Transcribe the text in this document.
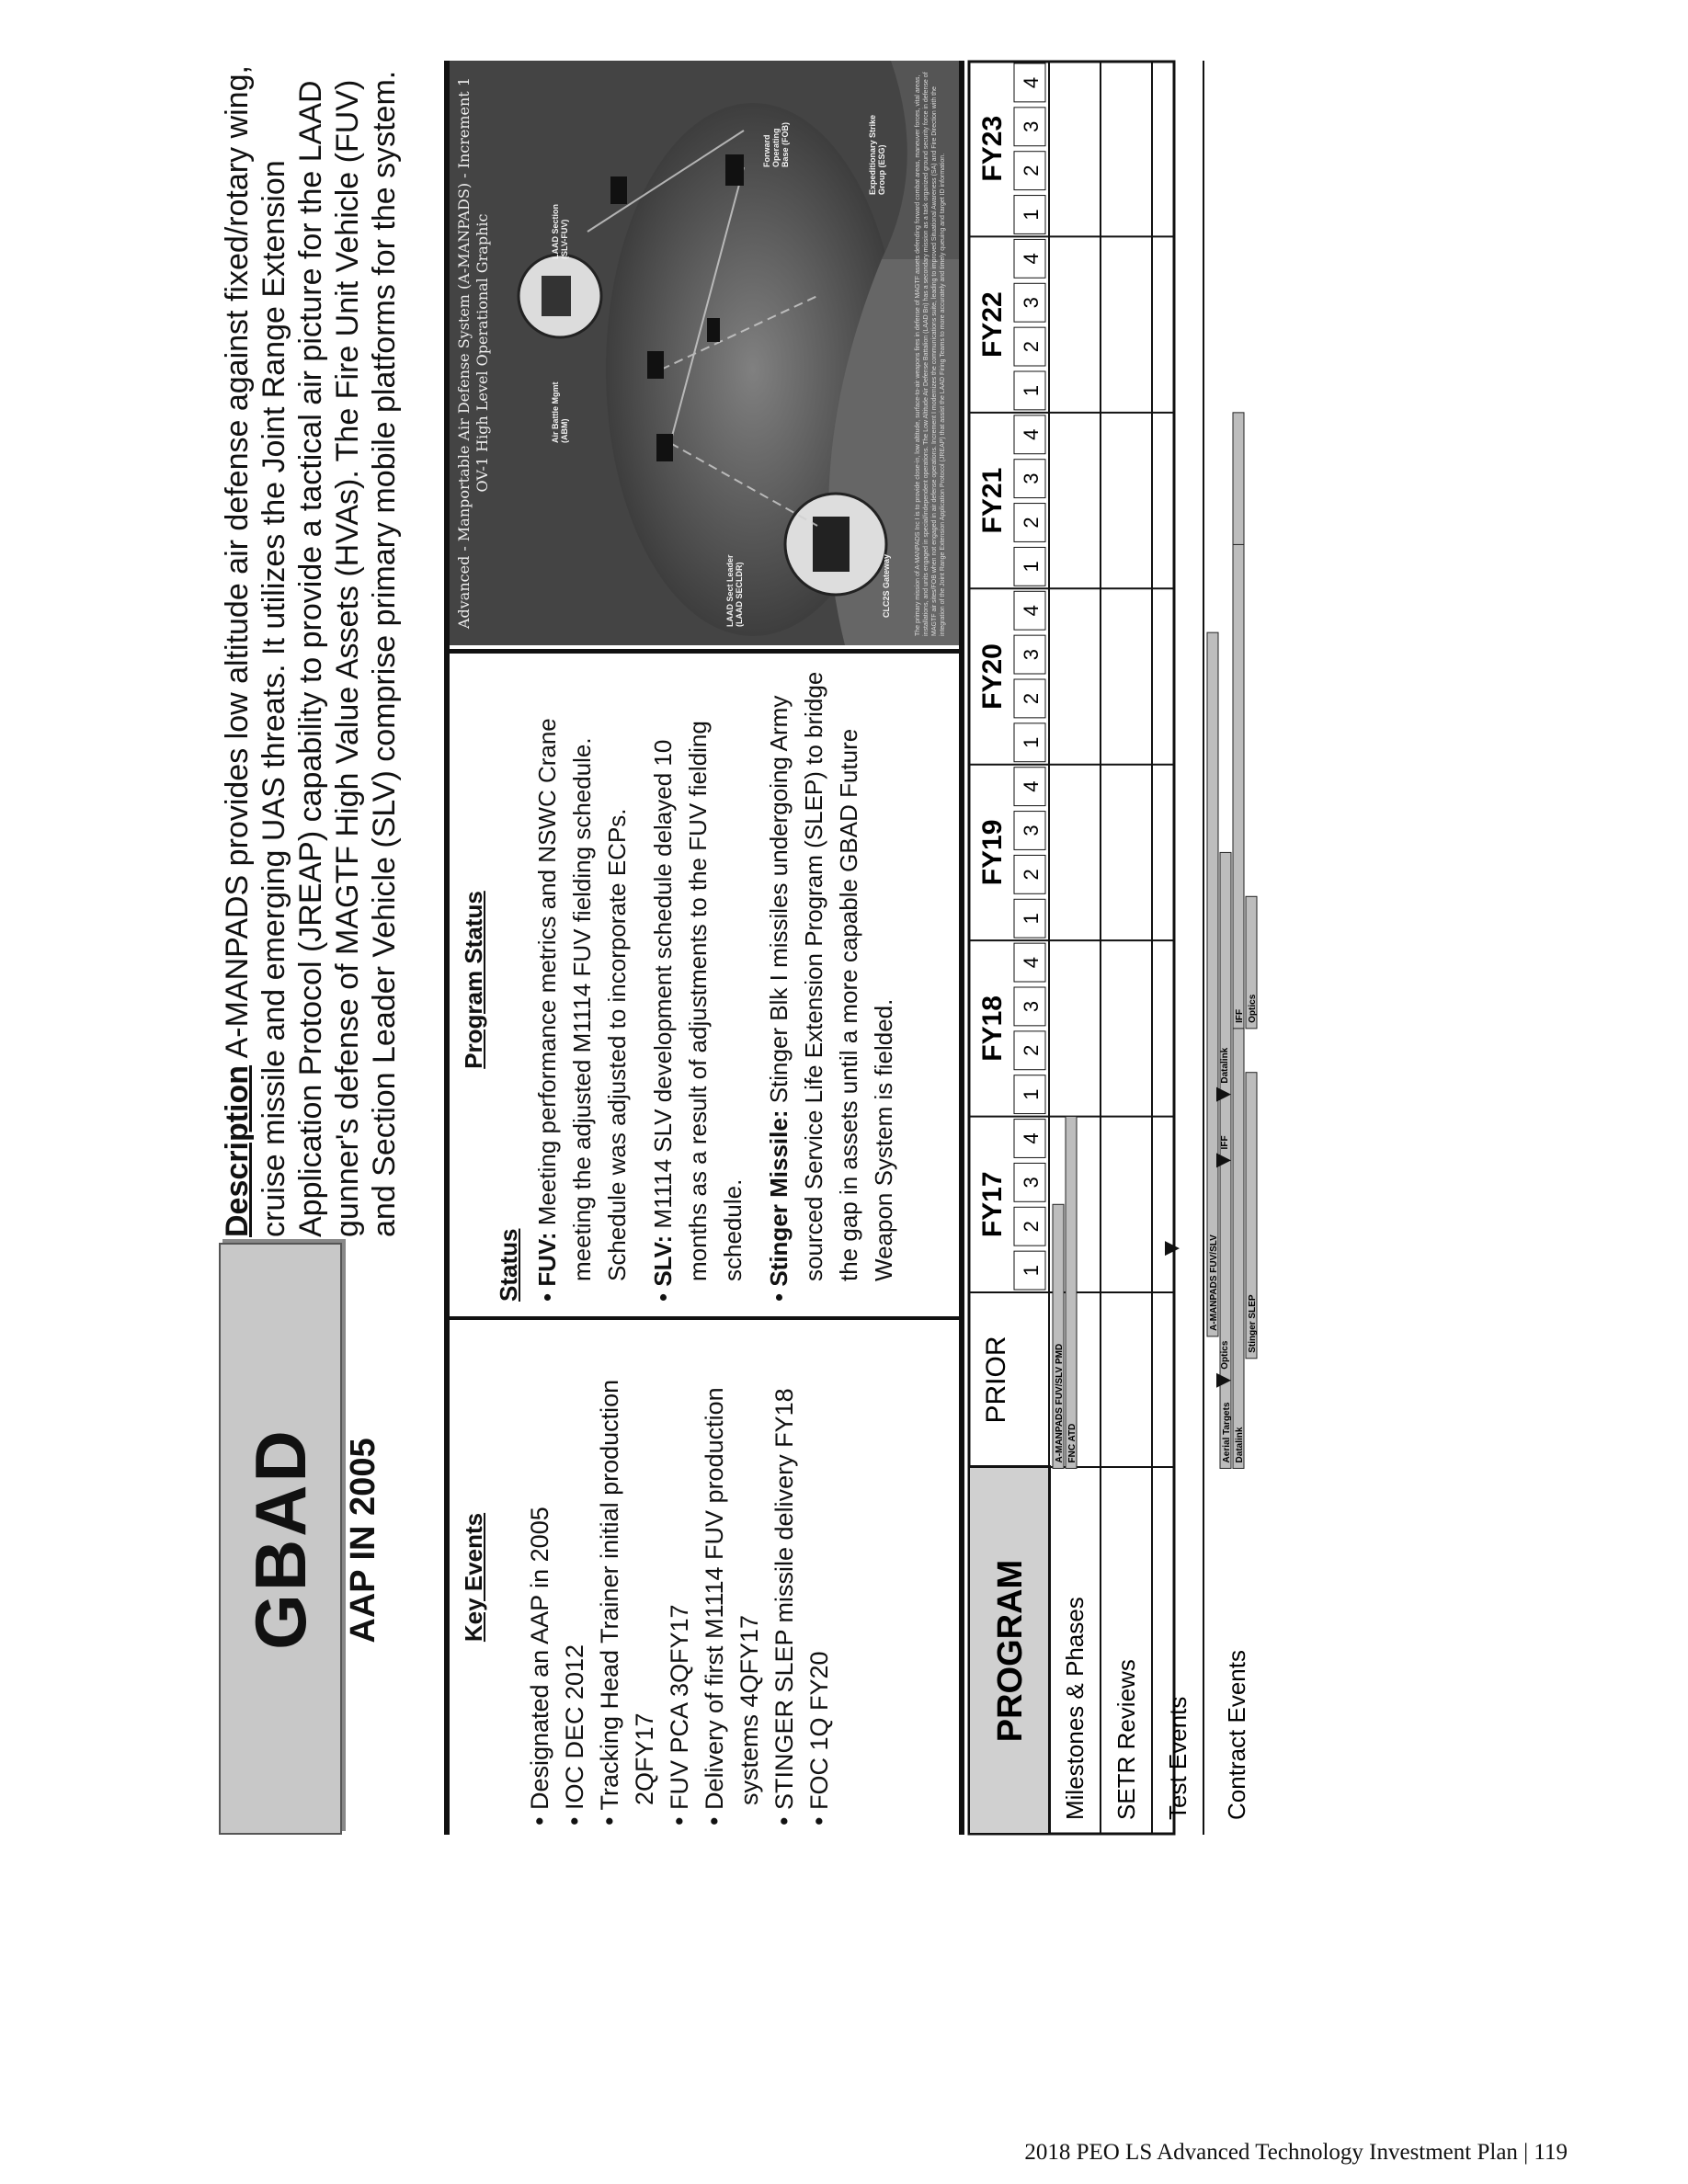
GBAD AAP IN 2005
Description A-MANPADS provides low altitude air defense against fixed/rotary wing, cruise missile and emerging UAS threats. It utilizes the Joint Range Extension Application Protocol (JREAP) capability to provide a tactical air picture for the LAAD gunner's defense of MAGTF High Value Assets (HVAs). The Fire Unit Vehicle (FUV) and Section Leader Vehicle (SLV) comprise primary mobile platforms for the system.
Key Events • Designated an AAP in 2005 • IOC DEC 2012 • Tracking Head Trainer initial production 2QFY17 • FUV PCA 3QFY17 • Delivery of first M1114 FUV production systems 4QFY17 • STINGER SLEP missile delivery FY18 • FOC 1Q FY20
Program Status
Status • FUV: Meeting performance metrics and NSWC Crane meeting the adjusted M1114 FUV fielding schedule. Schedule was adjusted to incorporate ECPs.

• SLV: M1114 SLV development schedule delayed 10 months as a result of adjustments to the FUV fielding schedule.

• Stinger Missile: Stinger Blk I missiles undergoing Army sourced Service Life Extension Program (SLEP) to bridge the gap in assets until a more capable GBAD Future Weapon System is fielded.

Advanced - Manportable Air Defense System (A-MANPADS) - Increment 1 OV-1 High Level Operational Graphic
Forward Operating Base (FOB)
LAAD Section (SLV-FUV)
Expeditionary Strike Group (ESG)
LAAD Sect Leader (LAAD SECLDR)
Air Battle Mgmt (ABM)
CLC2S Gateway	The primary mission of A-MANPADS Inc I is to provide close-in, low altitude, surface-to-air weapons fires in defense of MAGTF assets defending forward combat areas, maneuver forces, vital areas, installations, and units engaged in special/independent operations. The Low Altitude Air Defense Battalion (LAAD Bn) has a secondary mission as a task organized ground security force in defense of MAGTF air sites/FOB when not engaged in air defense operations. Increment I modernizes the communications suite, leading to improved Situational Awareness (SA) and Fire Direction with the integration of the Joint Range Extension Application Protocol (JREAP) that assist the LAAD Firing Teams to more accurately and timely queuing and target ID information.
PROGRAM
PRIOR
FY17
1
2
3
4
FY18
1
2
3
4
FY19
1
2
3
4
FY20
1
2
3
4
FY21
1
2
3
4
FY22
1
2
3
4
FY23
1
2
3
4
Milestones & Phases SETR Reviews Test Events Contract Events
A-MANPADS FUV/SLV PMD FNC ATD	Datalink
Stinger SLEP
A-MANPADS FUV/SLV
Aerial Targets
IFF Optics
Datalink
IFF
Optics
2018 PEO LS Advanced Technology Investment Plan | 119
